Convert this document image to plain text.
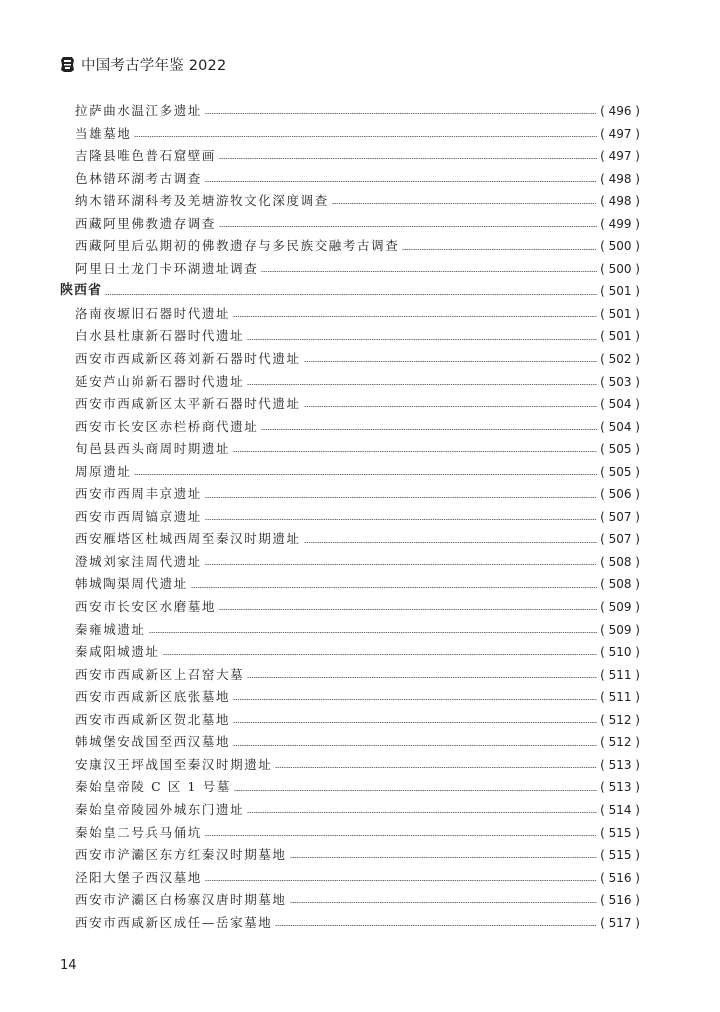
中国考古学年鉴 2022
拉萨曲水温江多遗址	( 496 )
当雄墓地	( 497 )
吉隆县唯色普石窟壁画	( 497 )
色林错环湖考古调查	( 498 )
纳木错环湖科考及羌塘游牧文化深度调查	( 498 )
西藏阿里佛教遗存调查	( 499 )
西藏阿里后弘期初的佛教遗存与多民族交融考古调查	( 500 )
阿里日土龙门卡环湖遗址调查	( 500 )
陕西省	( 501 )
洛南夜塬旧石器时代遗址	( 501 )
白水县杜康新石器时代遗址	( 501 )
西安市西咸新区蒋刘新石器时代遗址	( 502 )
延安芦山峁新石器时代遗址	( 503 )
西安市西咸新区太平新石器时代遗址	( 504 )
西安市长安区赤栏桥商代遗址	( 504 )
旬邑县西头商周时期遗址	( 505 )
周原遗址	( 505 )
西安市西周丰京遗址	( 506 )
西安市西周镐京遗址	( 507 )
西安雁塔区杜城西周至秦汉时期遗址	( 507 )
澄城刘家洼周代遗址	( 508 )
韩城陶渠周代遗址	( 508 )
西安市长安区水磨墓地	( 509 )
秦雍城遗址	( 509 )
秦咸阳城遗址	( 510 )
西安市西咸新区上召窑大墓	( 511 )
西安市西咸新区底张墓地	( 511 )
西安市西咸新区贺北墓地	( 512 )
韩城堡安战国至西汉墓地	( 512 )
安康汉王坪战国至秦汉时期遗址	( 513 )
秦始皇帝陵 C 区 1 号墓	( 513 )
秦始皇帝陵园外城东门遗址	( 514 )
秦始皇二号兵马俑坑	( 515 )
西安市浐灞区东方红秦汉时期墓地	( 515 )
泾阳大堡子西汉墓地	( 516 )
西安市浐灞区白杨寨汉唐时期墓地	( 516 )
西安市西咸新区成任—岳家墓地	( 517 )
14
